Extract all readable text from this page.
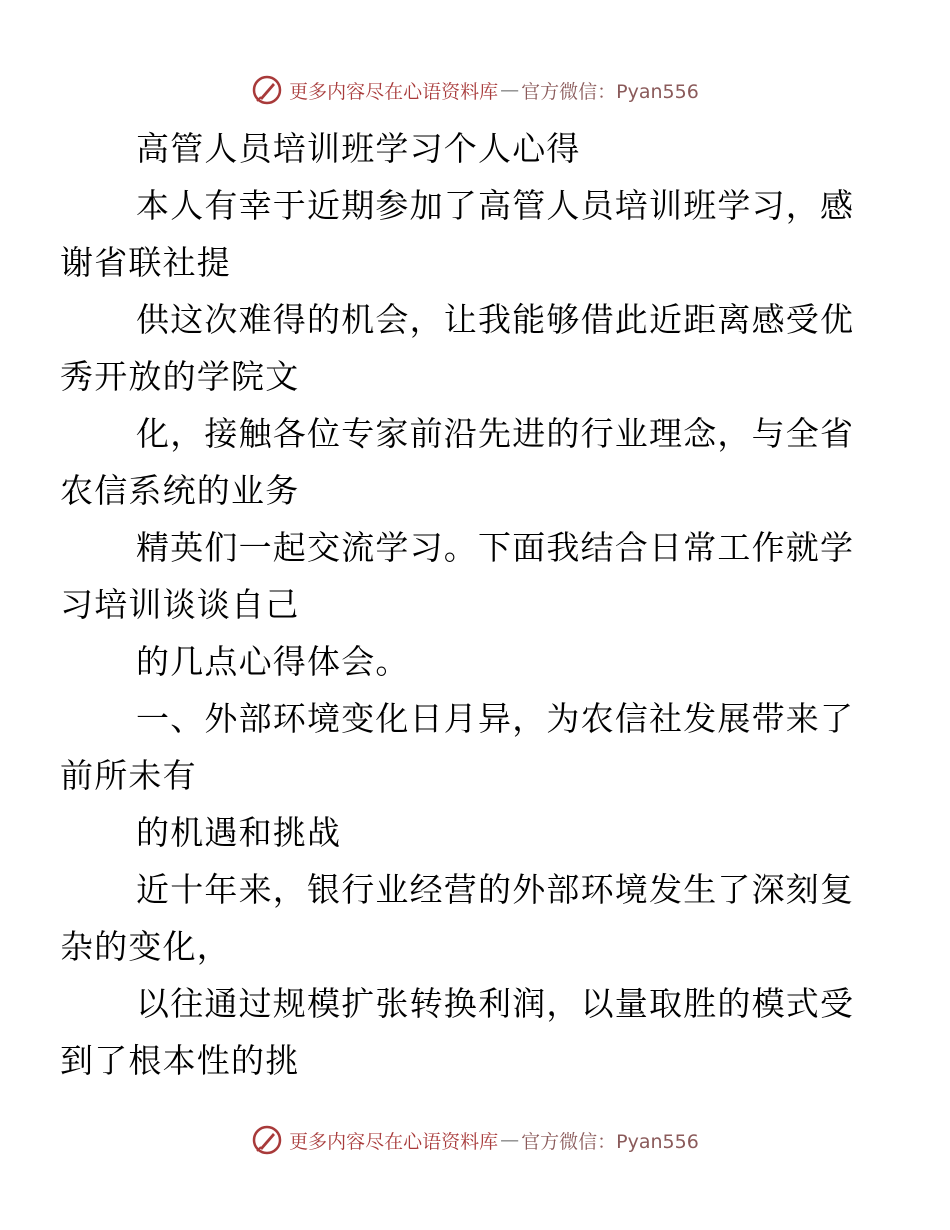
更多内容尽在心语资料库 — 官方微信：Pyan556

高管人员培训班学习个人心得

本人有幸于近期参加了高管人员培训班学习，感
谢省联社提

供这次难得的机会，让我能够借此近距离感受优
秀开放的学院文

化，接触各位专家前沿先进的行业理念，与全省
农信系统的业务

精英们一起交流学习。下面我结合日常工作就学
习培训谈谈自己

的几点心得体会。

一、外部环境变化日月异，为农信社发展带来了
前所未有

的机遇和挑战

近十年来，银行业经营的外部环境发生了深刻复
杂的变化，

以往通过规模扩张转换利润，以量取胜的模式受
到了根本性的挑

更多内容尽在心语资料库 — 官方微信：Pyan556
